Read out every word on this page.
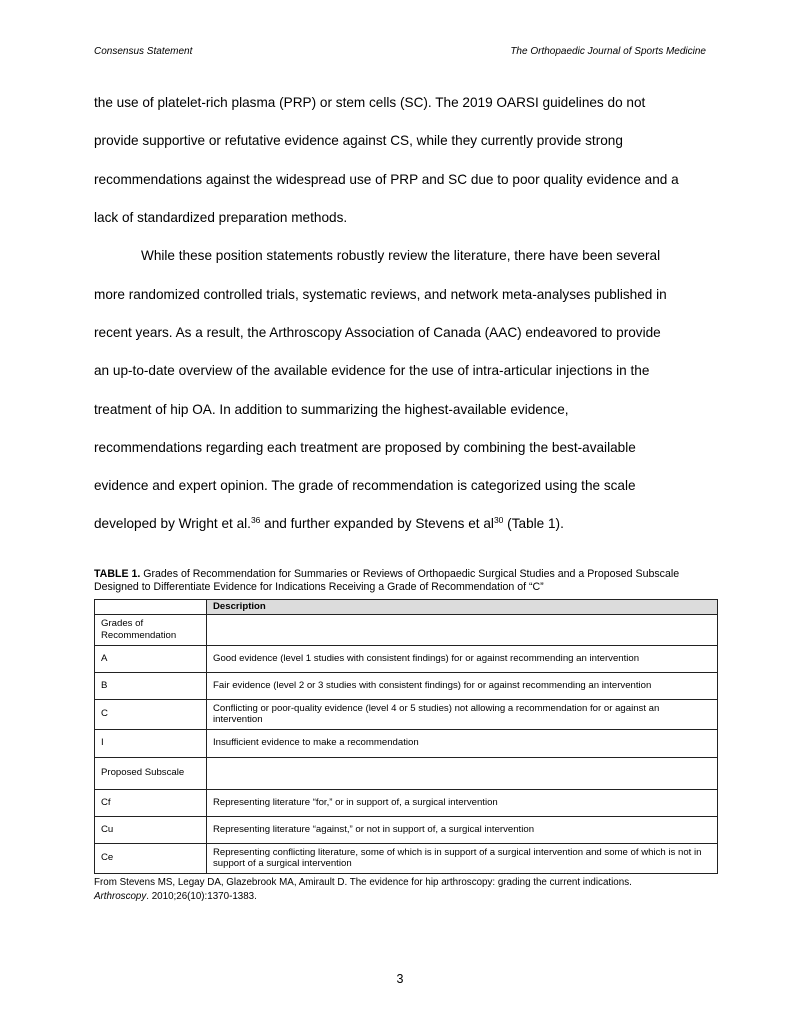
Consensus Statement	The Orthopaedic Journal of Sports Medicine
the use of platelet-rich plasma (PRP) or stem cells (SC). The 2019 OARSI guidelines do not
provide supportive or refutative evidence against CS, while they currently provide strong
recommendations against the widespread use of PRP and SC due to poor quality evidence and a
lack of standardized preparation methods.
While these position statements robustly review the literature, there have been several
more randomized controlled trials, systematic reviews, and network meta-analyses published in
recent years. As a result, the Arthroscopy Association of Canada (AAC) endeavored to provide
an up-to-date overview of the available evidence for the use of intra-articular injections in the
treatment of hip OA. In addition to summarizing the highest-available evidence,
recommendations regarding each treatment are proposed by combining the best-available
evidence and expert opinion. The grade of recommendation is categorized using the scale
developed by Wright et al.$^{36}$ and further expanded by Stevens et $al^{30}$ (Table 1).
TABLE 1. Grades of Recommendation for Summaries or Reviews of Orthopaedic Surgical Studies and a Proposed Subscale Designed to Differentiate Evidence for Indications Receiving a Grade of Recommendation of “C”
	Description
Grades of Recommendation	
A	Good evidence (level 1 studies with consistent findings) for or against recommending an intervention
B	Fair evidence (level 2 or 3 studies with consistent findings) for or against recommending an intervention
C	Conflicting or poor-quality evidence (level 4 or 5 studies) not allowing a recommendation for or against an intervention
I	Insufficient evidence to make a recommendation
Proposed Subscale	
Cf	Representing literature “for,” or in support of, a surgical intervention
Cu	Representing literature “against,” or not in support of, a surgical intervention
Ce	Representing conflicting literature, some of which is in support of a surgical intervention and some of which is not in support of a surgical intervention
From Stevens MS, Legay DA, Glazebrook MA, Amirault D. The evidence for hip arthroscopy: grading the current indications.
Arthroscopy. 2010;26(10):1370-1383.
3
